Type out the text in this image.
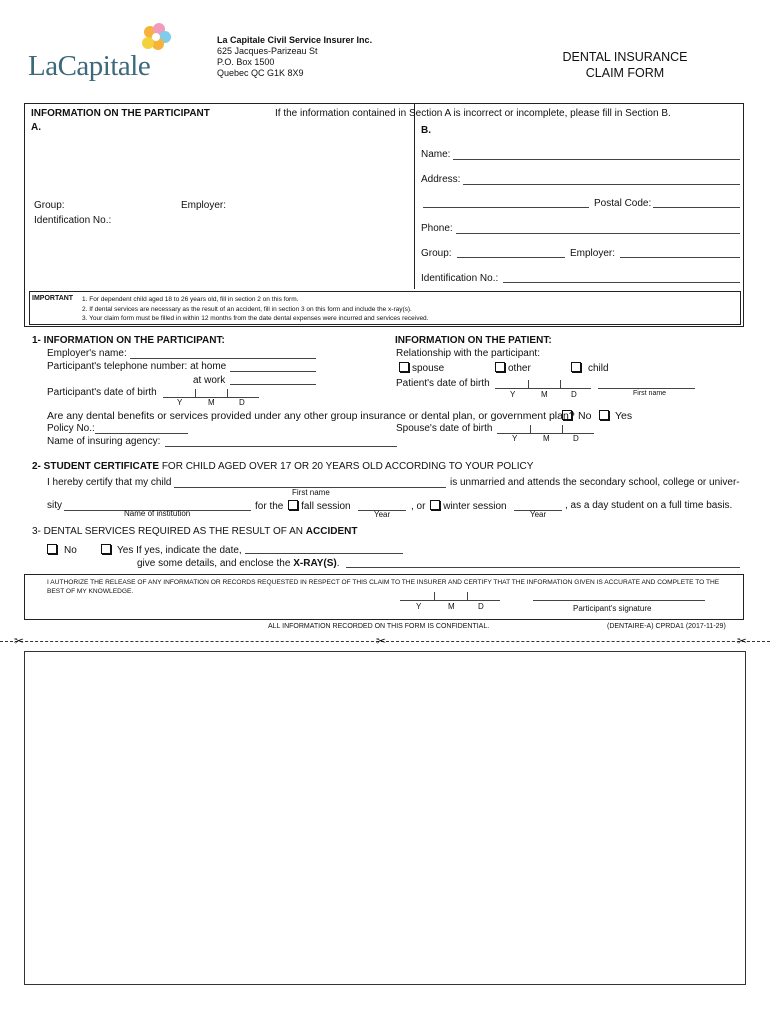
LaCapitale
La Capitale Civil Service Insurer Inc.
625 Jacques-Parizeau St
P.O. Box 1500
Quebec QC G1K 8X9
DENTAL INSURANCE
CLAIM FORM
INFORMATION ON THE PARTICIPANT
A.
If the information contained in Section A is incorrect or incomplete, please fill in Section B.
B.
Group:	Employer:
Identification No.:
Name:
Address:
Postal Code:
Phone:
Group:	Employer:
Identification No.:
IMPORTANT 1. For dependent child aged 18 to 26 years old, fill in section 2 on this form.
2. If dental services are necessary as the result of an accident, fill in section 3 on this form and include the x-ray(s).
3. Your claim form must be filled in within 12 months from the date dental expenses were incurred and services received.
1- INFORMATION ON THE PARTICIPANT:
Employer's name:
Participant's telephone number: at home
at work
Participant's date of birth
Y	M	D
INFORMATION ON THE PATIENT:
Relationship with the participant:
spouse	other	child
Patient's date of birth
Y	M	D	First name
Are any dental benefits or services provided under any other group insurance or dental plan, or government plan? No	Yes
Policy No.:	Spouse's date of birth
Y	M	D
Name of insuring agency:
2- STUDENT CERTIFICATE FOR CHILD AGED OVER 17 OR 20 YEARS OLD ACCORDING TO YOUR POLICY
I hereby certify that my child
First name
is unmarried and attends the secondary school, college or univer-
sity
Name of institution
for the fall session
Year
, or winter session
Year
, as a day student on a full time basis.
3- DENTAL SERVICES REQUIRED AS THE RESULT OF AN ACCIDENT
No	Yes If yes, indicate the date,
give some details, and enclose the X-RAY(S).
I AUTHORIZE THE RELEASE OF ANY INFORMATION OR RECORDS REQUESTED IN RESPECT OF THIS CLAIM TO THE INSURER AND CERTIFY THAT THE INFORMATION GIVEN IS ACCURATE AND COMPLETE TO THE BEST OF MY KNOWLEDGE.
Y	M	D	Participant's signature
ALL INFORMATION RECORDED ON THIS FORM IS CONFIDENTIAL.	(DENTAIRE-A) CPRDA1 (2017-11-29)
✂	✂	✂
